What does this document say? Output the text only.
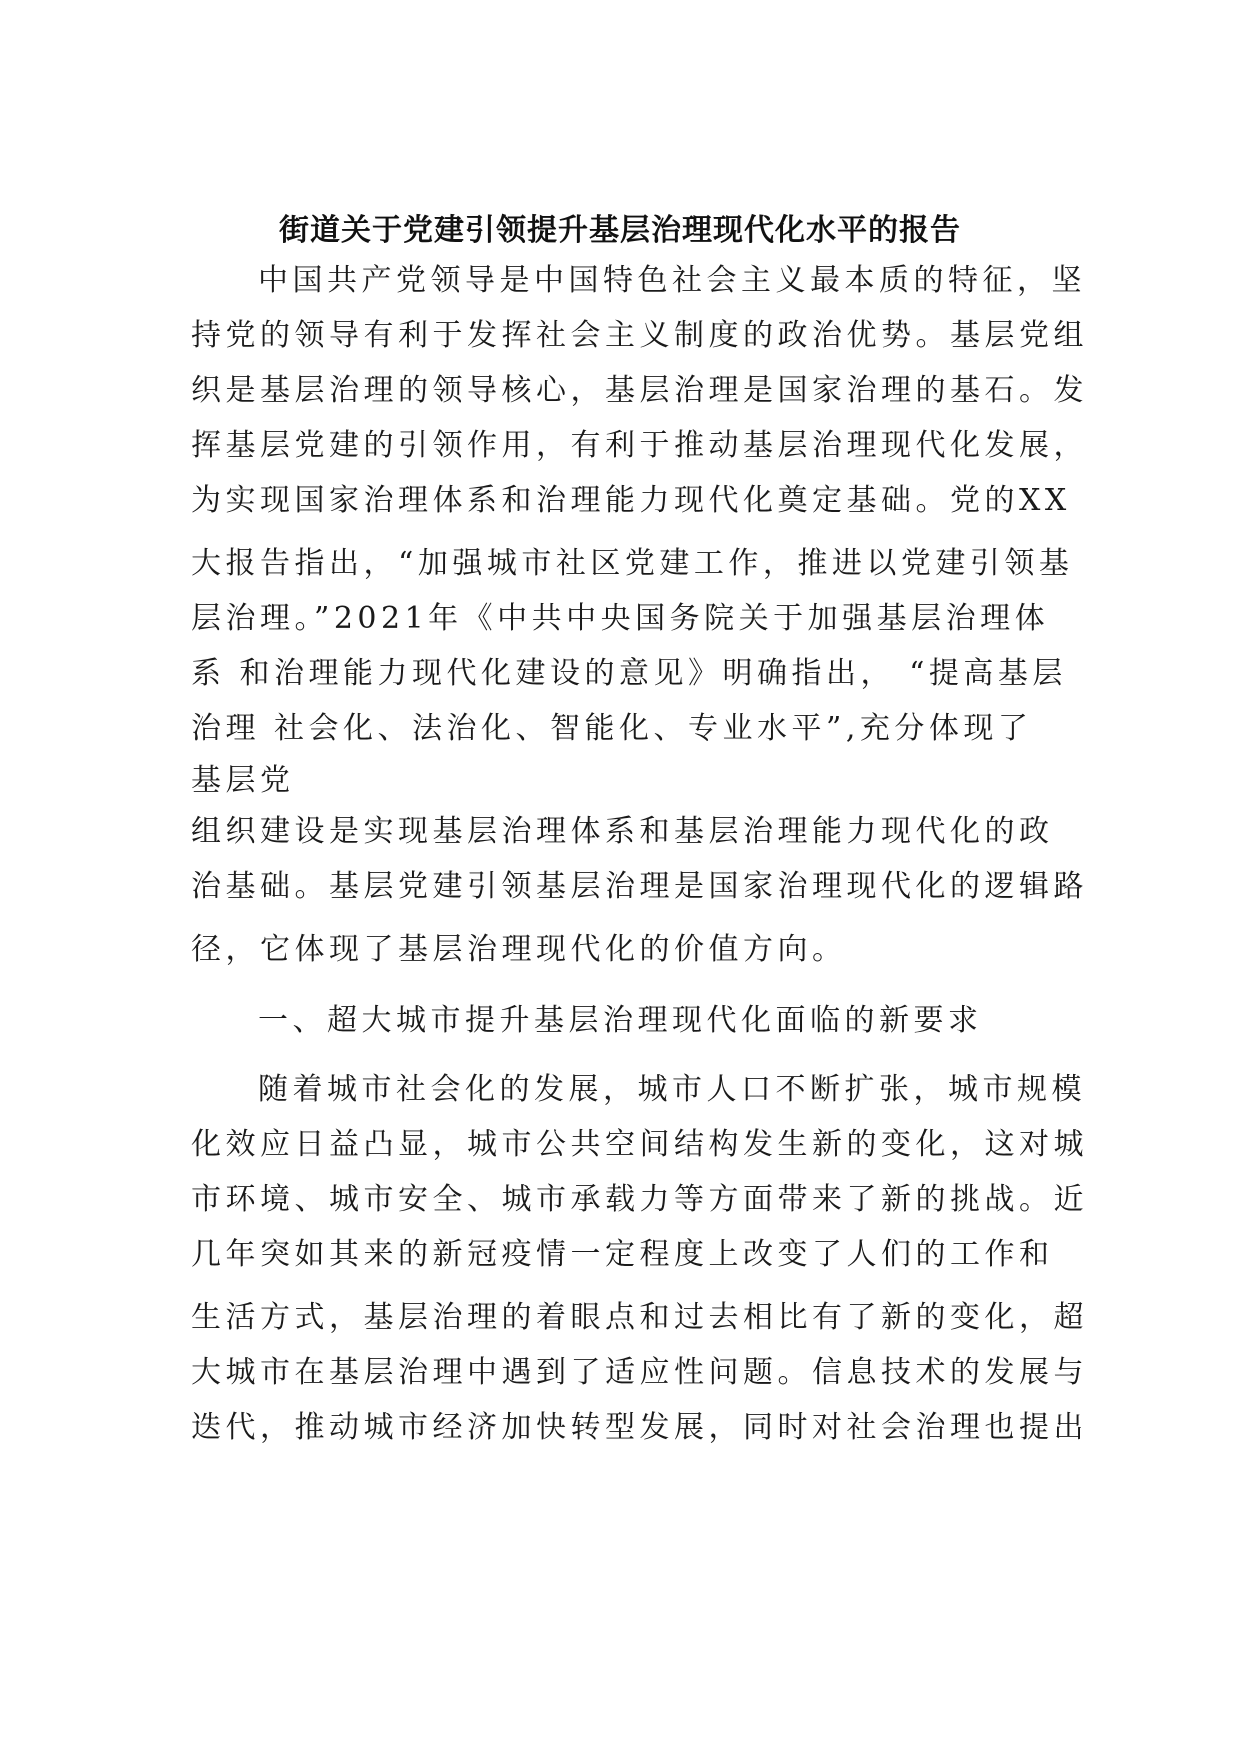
街道关于党建引领提升基层治理现代化水平的报告
中国共产党领导是中国特色社会主义最本质的特征，坚
持党的领导有利于发挥社会主义制度的政治优势。基层党组
织是基层治理的领导核心，基层治理是国家治理的基石。发
挥基层党建的引领作用，有利于推动基层治理现代化发展，
为实现国家治理体系和治理能力现代化奠定基础。党的XX
大报告指出，“加强城市社区党建工作，推进以党建引领基
层治理。”2021年《中共中央国务院关于加强基层治理体
系 和治理能力现代化建设的意见》明确指出， “提高基层
治理 社会化、法治化、智能化、专业水平”,充分体现了
基层党
组织建设是实现基层治理体系和基层治理能力现代化的政
治基础。基层党建引领基层治理是国家治理现代化的逻辑路
径，它体现了基层治理现代化的价值方向。
一、超大城市提升基层治理现代化面临的新要求
随着城市社会化的发展，城市人口不断扩张，城市规模
化效应日益凸显，城市公共空间结构发生新的变化，这对城
市环境、城市安全、城市承载力等方面带来了新的挑战。近
几年突如其来的新冠疫情一定程度上改变了人们的工作和
生活方式，基层治理的着眼点和过去相比有了新的变化，超
大城市在基层治理中遇到了适应性问题。信息技术的发展与
迭代，推动城市经济加快转型发展，同时对社会治理也提出
